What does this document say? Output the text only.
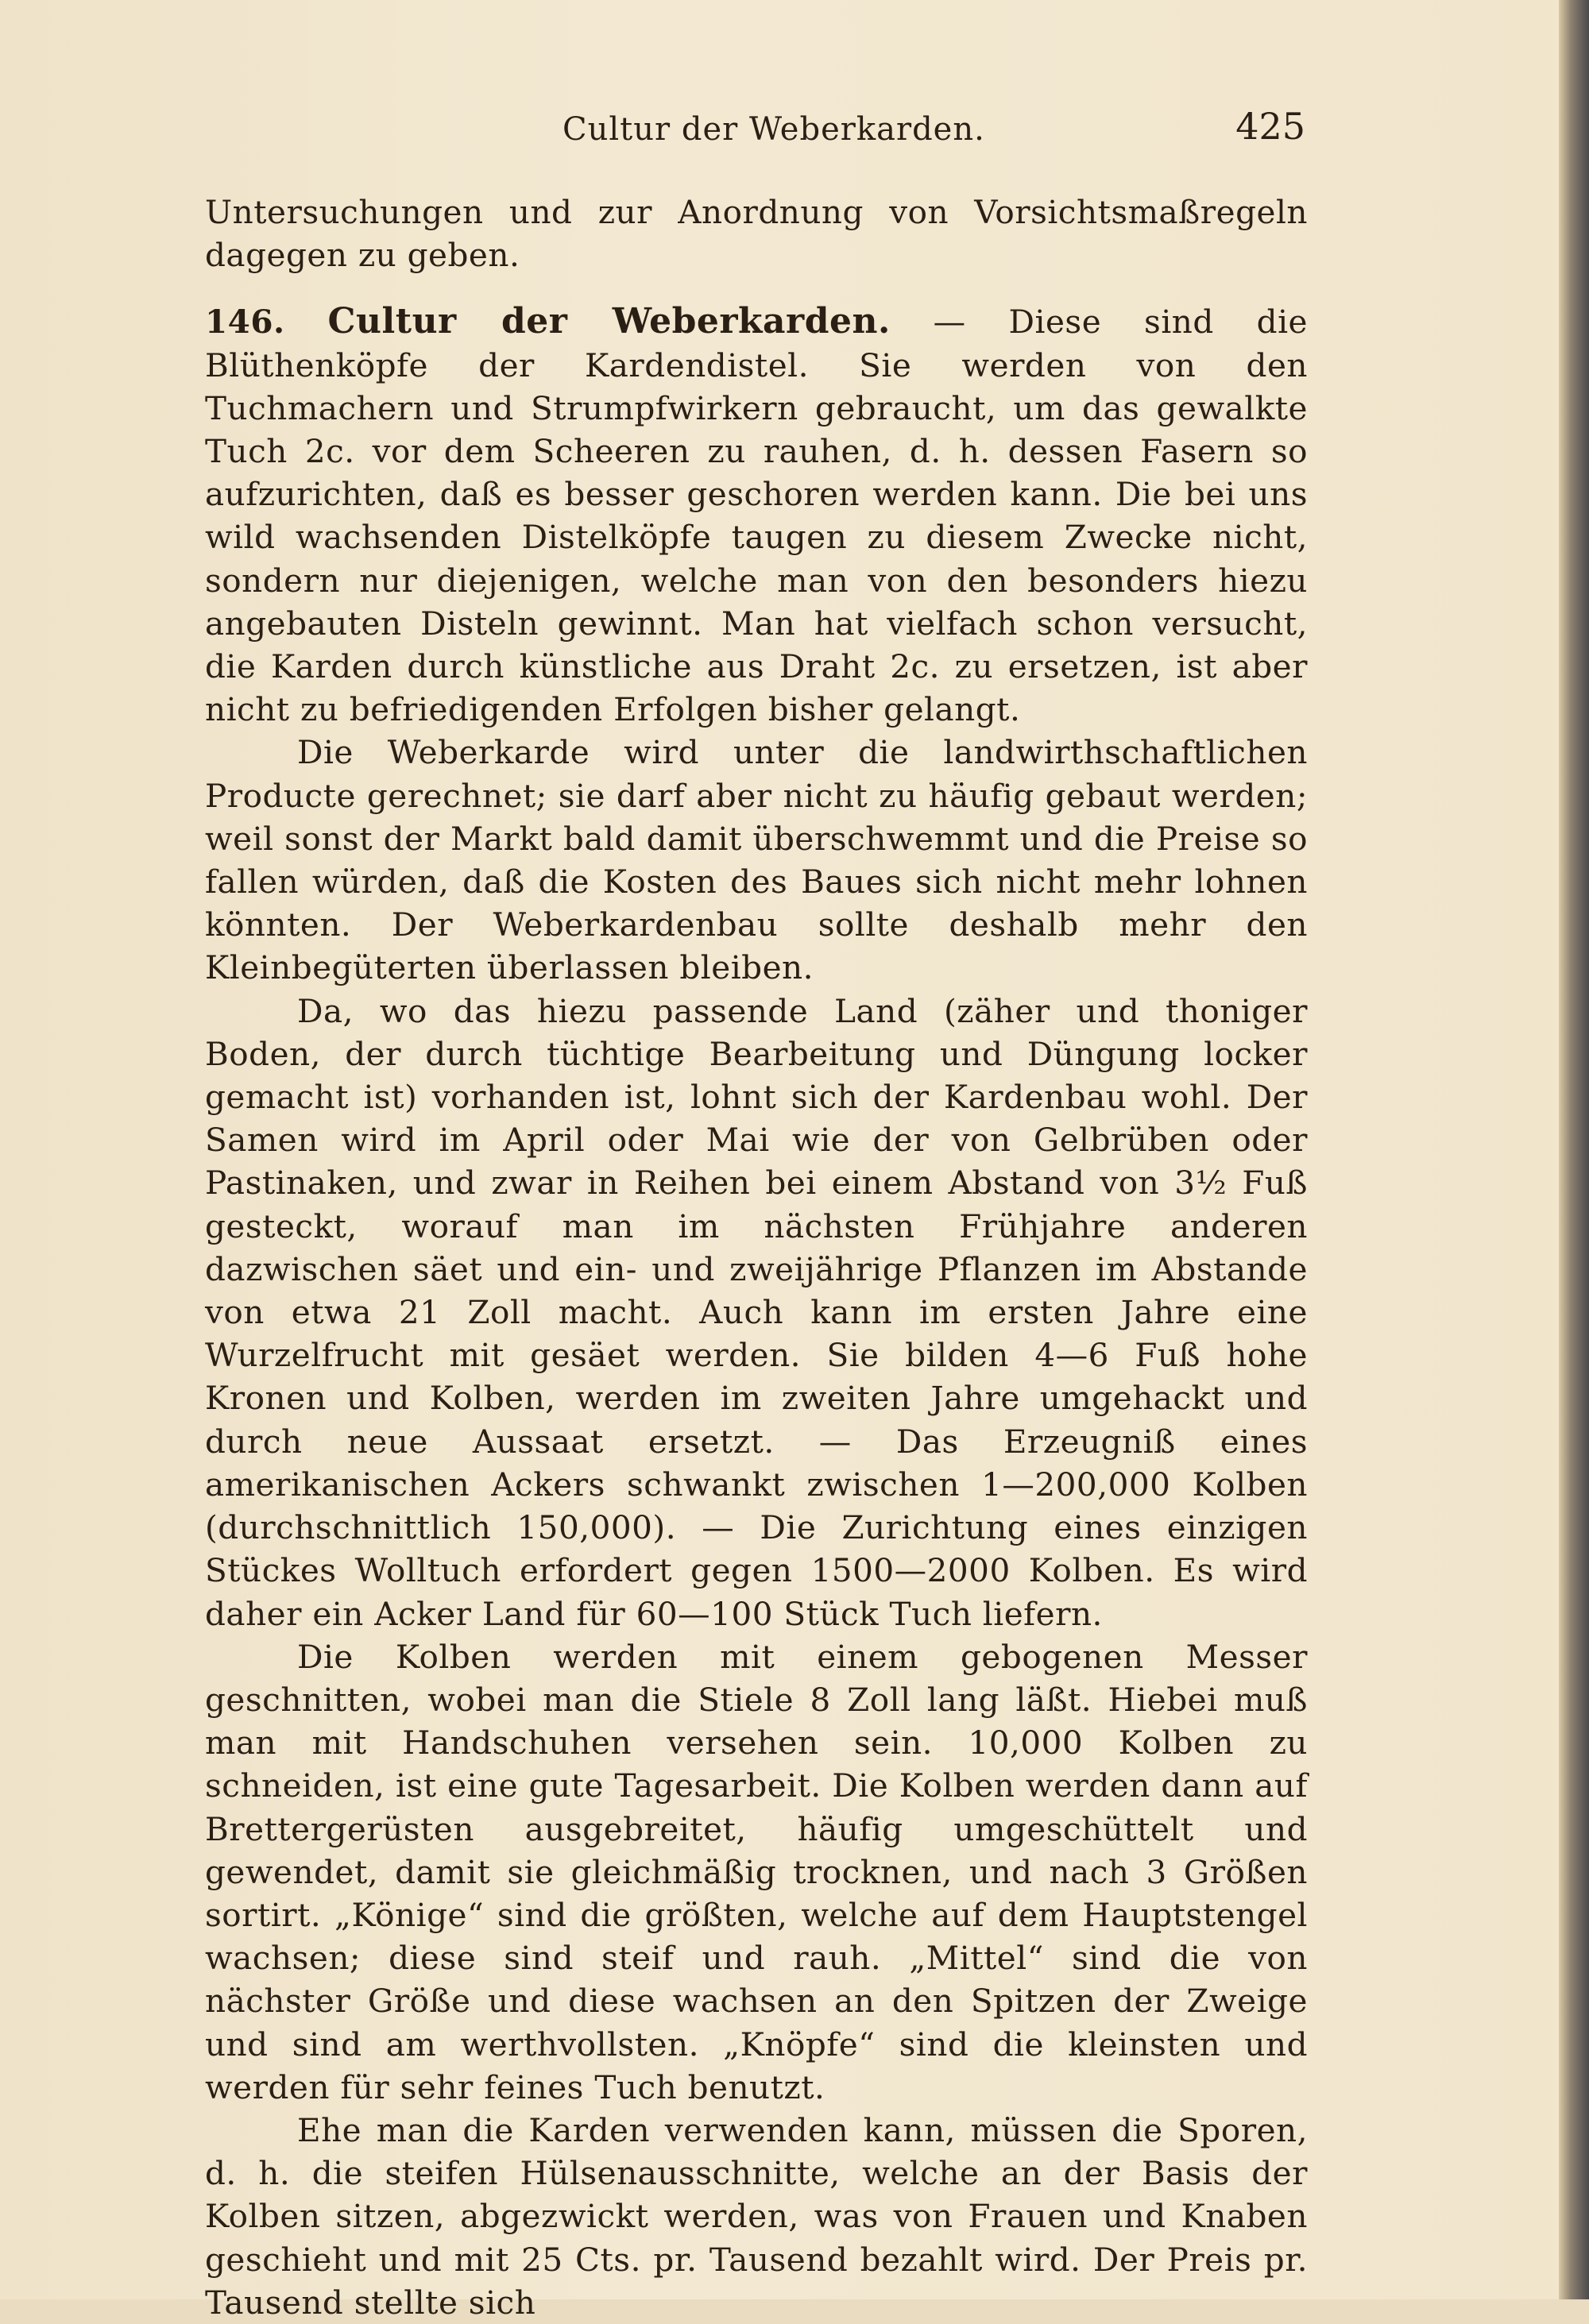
Cultur der Weberkarden.	425

Untersuchungen und zur Anordnung von Vorsichtsmaßregeln dagegen zu geben.

146. Cultur der Weberkarden. — Diese sind die Blüthenköpfe der Kardendistel. Sie werden von den Tuchmachern und Strumpfwirkern gebraucht, um das gewalkte Tuch 2c. vor dem Scheeren zu rauhen, d. h. dessen Fasern so aufzurichten, daß es besser geschoren werden kann. Die bei uns wild wachsenden Distelköpfe taugen zu diesem Zwecke nicht, sondern nur diejenigen, welche man von den besonders hiezu angebauten Disteln gewinnt. Man hat vielfach schon versucht, die Karden durch künstliche aus Draht 2c. zu ersetzen, ist aber nicht zu befriedigenden Erfolgen bisher gelangt.

Die Weberkarde wird unter die landwirthschaftlichen Producte gerechnet; sie darf aber nicht zu häufig gebaut werden; weil sonst der Markt bald damit überschwemmt und die Preise so fallen würden, daß die Kosten des Baues sich nicht mehr lohnen könnten. Der Weberkardenbau sollte deshalb mehr den Kleinbegüterten überlassen bleiben.

Da, wo das hiezu passende Land (zäher und thoniger Boden, der durch tüchtige Bearbeitung und Düngung locker gemacht ist) vorhanden ist, lohnt sich der Kardenbau wohl. Der Samen wird im April oder Mai wie der von Gelbrüben oder Pastinaken, und zwar in Reihen bei einem Abstand von 3½ Fuß gesteckt, worauf man im nächsten Frühjahre anderen dazwischen säet und ein- und zweijährige Pflanzen im Abstande von etwa 21 Zoll macht. Auch kann im ersten Jahre eine Wurzelfrucht mit gesäet werden. Sie bilden 4—6 Fuß hohe Kronen und Kolben, werden im zweiten Jahre umgehackt und durch neue Aussaat ersetzt. — Das Erzeugniß eines amerikanischen Ackers schwankt zwischen 1—200,000 Kolben (durchschnittlich 150,000). — Die Zurichtung eines einzigen Stückes Wolltuch erfordert gegen 1500—2000 Kolben. Es wird daher ein Acker Land für 60—100 Stück Tuch liefern.

Die Kolben werden mit einem gebogenen Messer geschnitten, wobei man die Stiele 8 Zoll lang läßt. Hiebei muß man mit Handschuhen versehen sein. 10,000 Kolben zu schneiden, ist eine gute Tagesarbeit. Die Kolben werden dann auf Brettergerüsten ausgebreitet, häufig umgeschüttelt und gewendet, damit sie gleichmäßig trocknen, und nach 3 Größen sortirt. „Könige“ sind die größten, welche auf dem Hauptstengel wachsen; diese sind steif und rauh. „Mittel“ sind die von nächster Größe und diese wachsen an den Spitzen der Zweige und sind am werthvollsten. „Knöpfe“ sind die kleinsten und werden für sehr feines Tuch benutzt.

Ehe man die Karden verwenden kann, müssen die Sporen, d. h. die steifen Hülsenausschnitte, welche an der Basis der Kolben sitzen, abgezwickt werden, was von Frauen und Knaben geschieht und mit 25 Cts. pr. Tausend bezahlt wird. Der Preis pr. Tausend stellte sich
